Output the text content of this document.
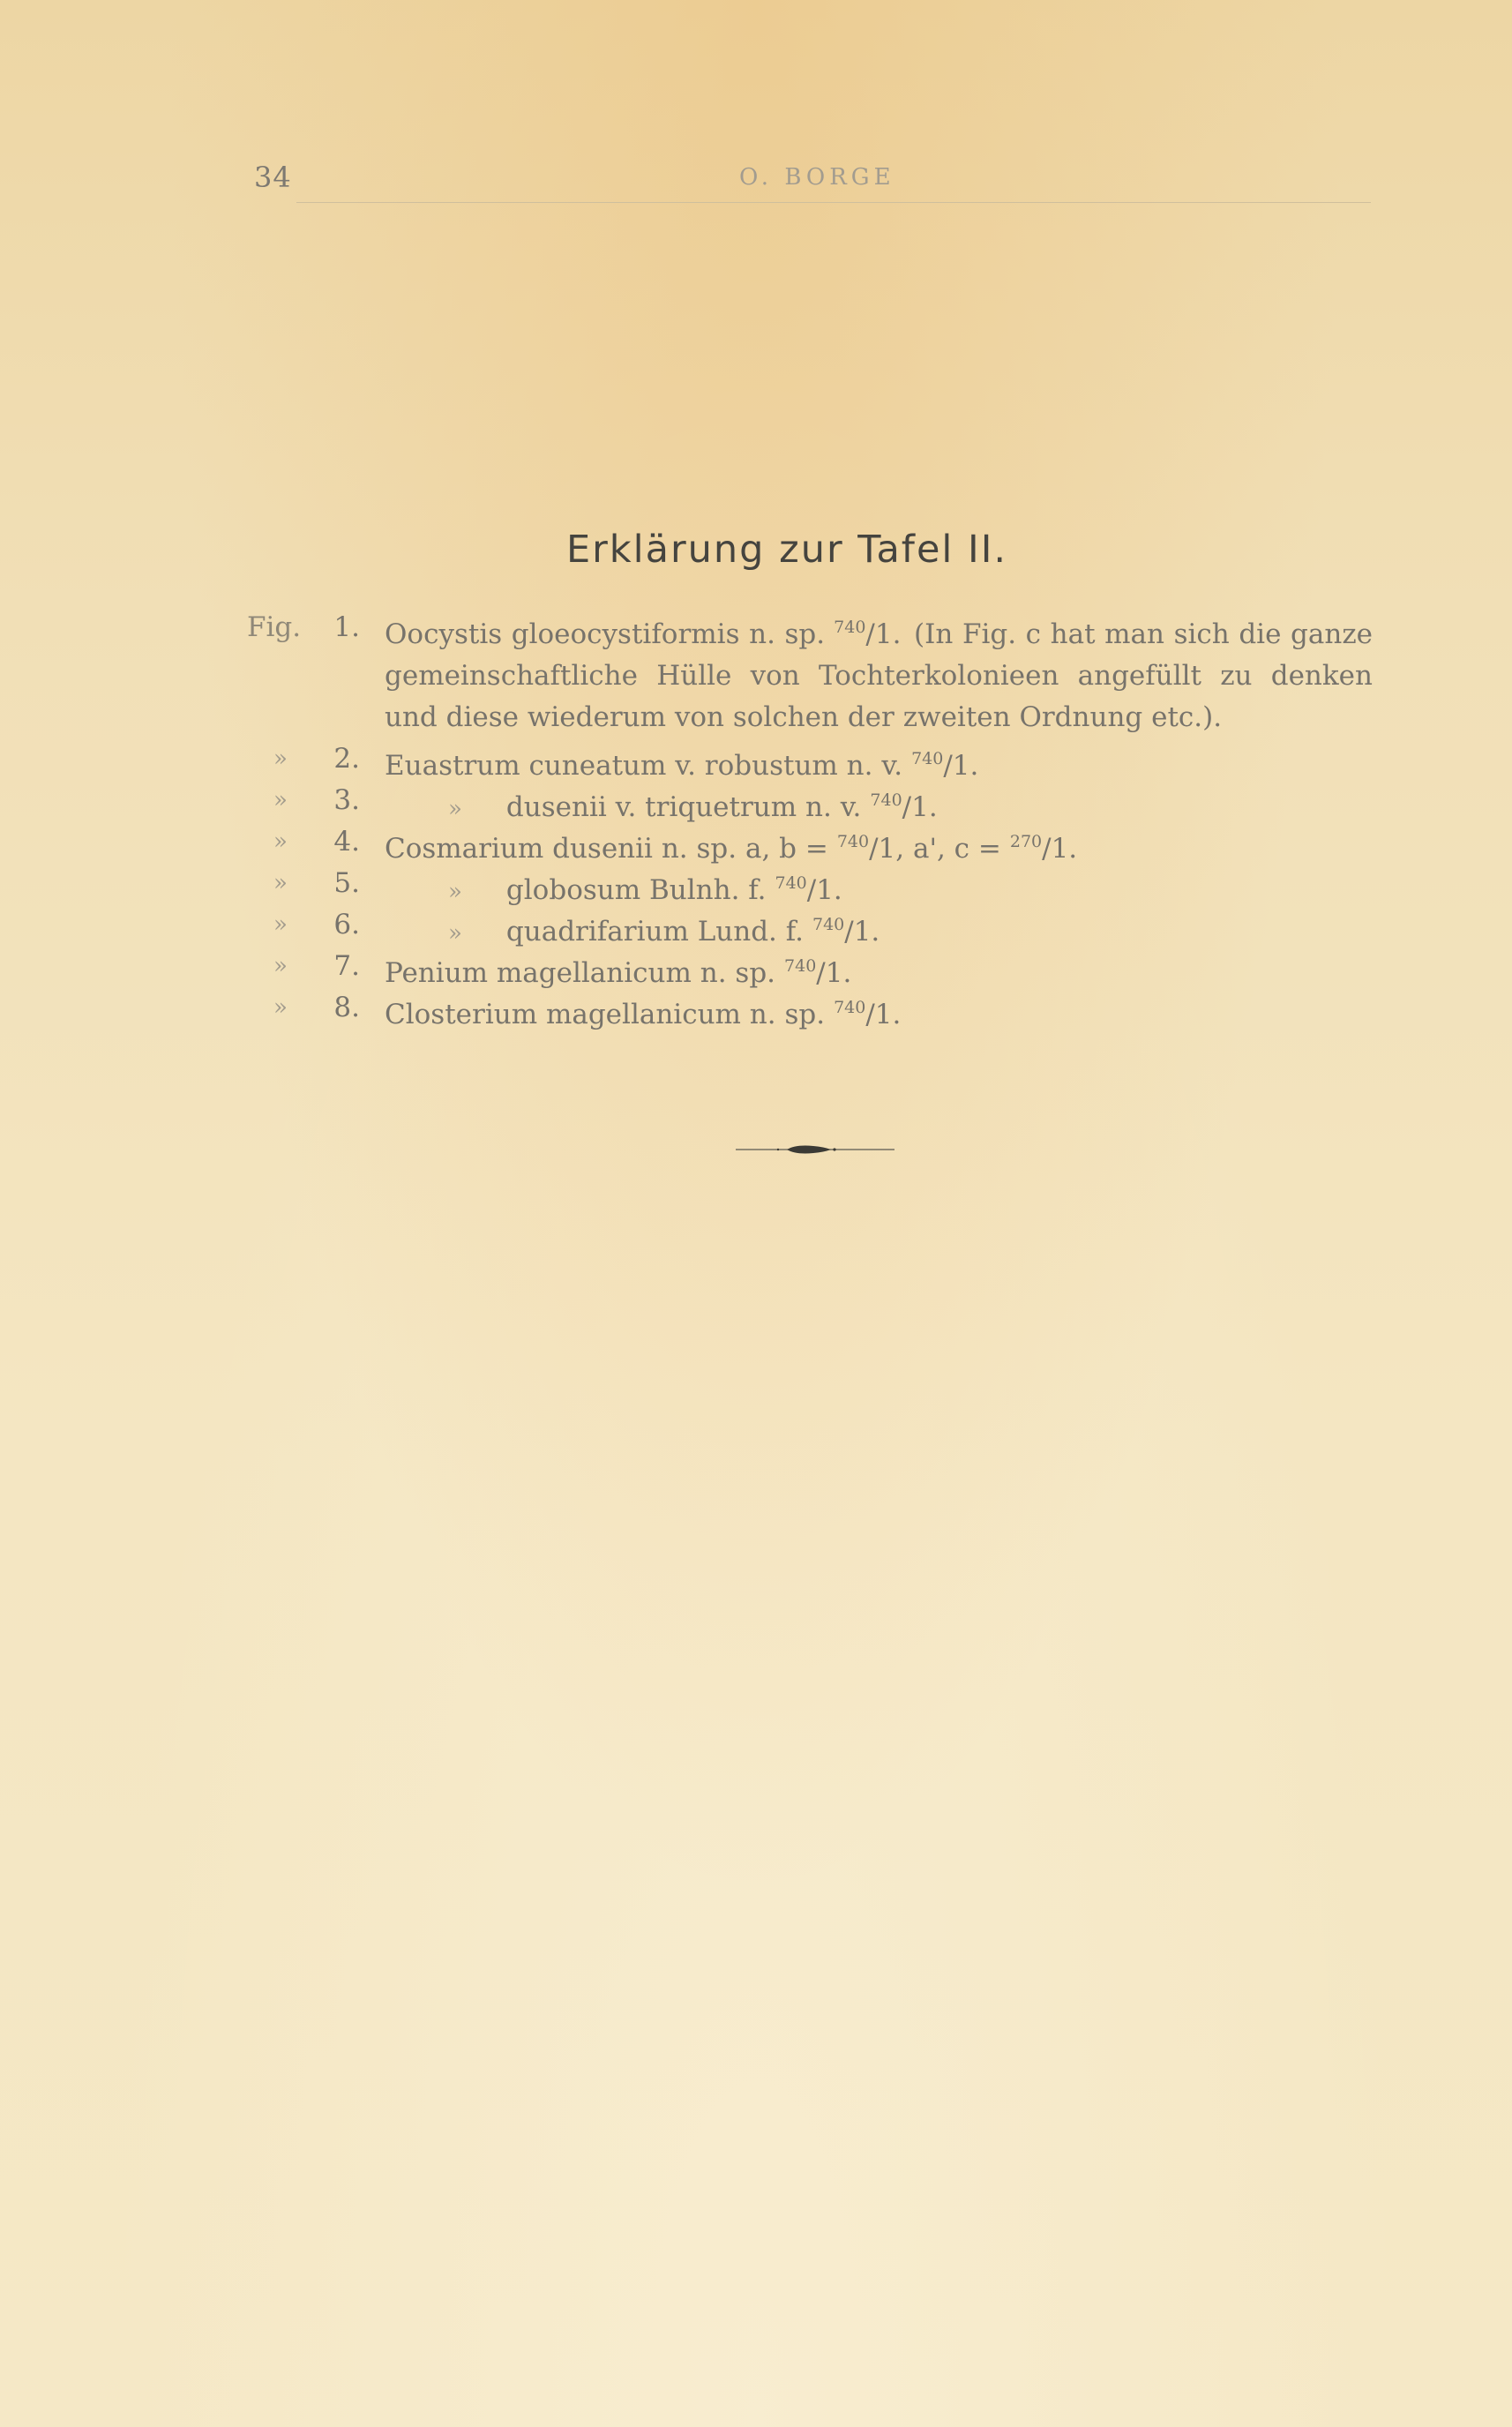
34	O. BORGE
Erklärung zur Tafel II.
Fig.	1. Oocystis gloeocystiformis n. sp. $^{740}$/1. (In Fig. c hat man sich die ganze gemeinschaftliche Hülle von Tochterkolonieen angefüllt zu denken und diese wiederum von solchen der zweiten Ordnung etc.).
»	2. Euastrum cuneatum v. robustum n. v. $^{740}$/1.
»	3.	» dusenii v. triquetrum n. v. $^{740}$/1.
»	4. Cosmarium dusenii n. sp. a, b = $^{740}$/1, a', c = $^{270}$/1.
»	5.	» globosum Bulnh. f. $^{740}$/1.
»	6.	» quadrifarium Lund. f. $^{740}$/1.
»	7. Penium magellanicum n. sp. $^{740}$/1.
»	8. Closterium magellanicum n. sp. $^{740}$/1.
